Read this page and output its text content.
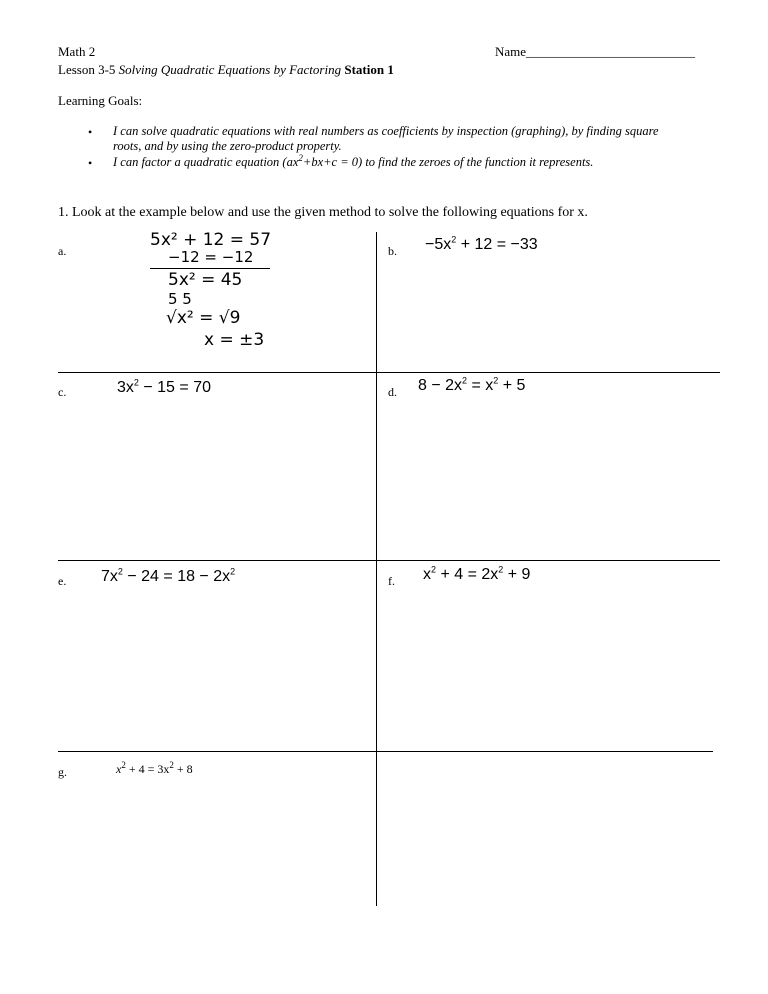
Math 2	Name__________________________
Lesson 3-5 Solving Quadratic Equations by Factoring Station 1
Learning Goals:
• I can solve quadratic equations with real numbers as coefficients by inspection (graphing), by finding square
roots, and by using the zero-product property.
• I can factor a quadratic equation $(ax^2+bx+c = 0)$ to find the zeroes of the function it represents.
1. Look at the example below and use the given method to solve the following equations for x.
a.
5x² + 12 = 57
−12 = −12
5x² = 45
5 5
√x² = √9
x = ±3
b. $-5x^2 + 12 = -33$
c.	$3x^2 - 15 = 70$	d. $8 - 2x^2 = x^2 + 5$
e. $7x^2 - 24 = 18 - 2x^2$
f. $x^2 + 4 = 2x^2 + 9$
g.	$x^2 + 4 = 3x^2 + 8$
